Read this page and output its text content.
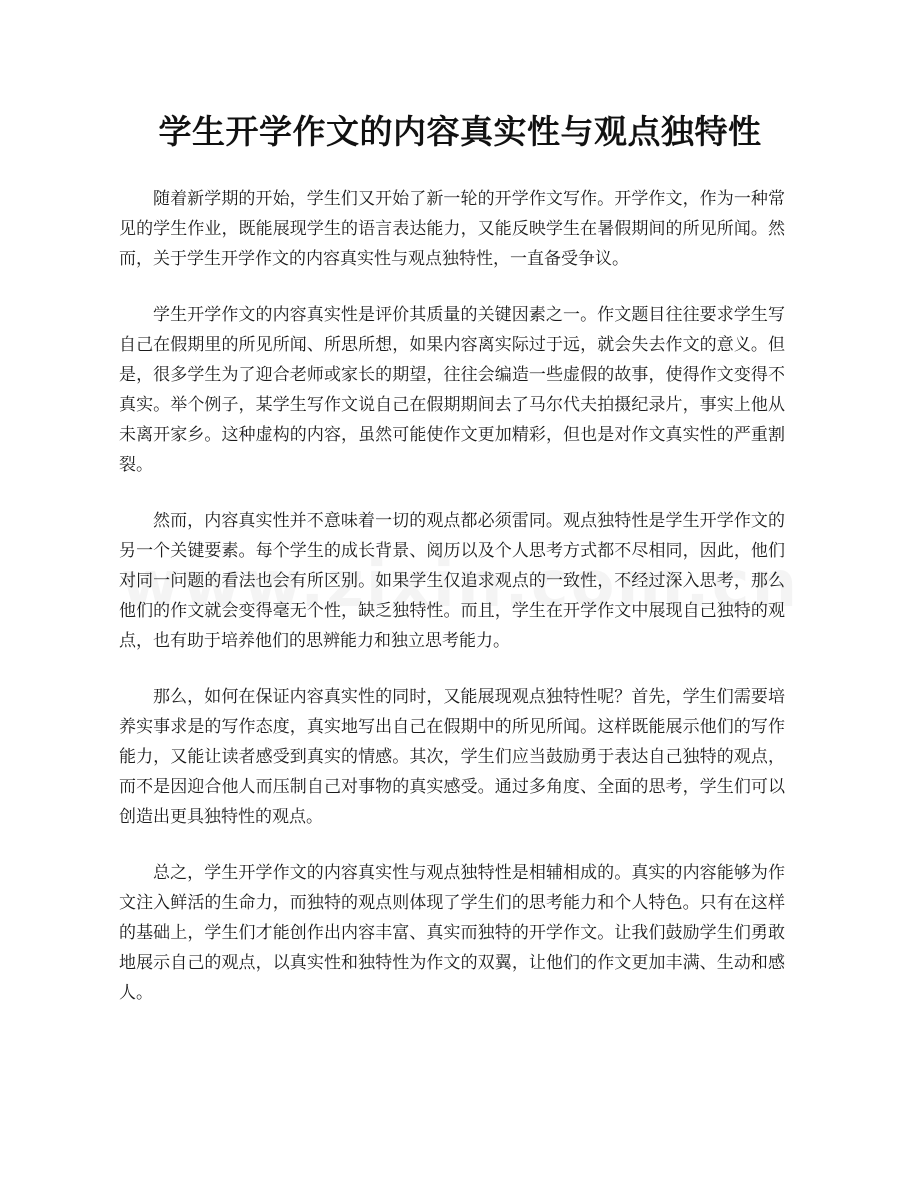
学生开学作文的内容真实性与观点独特性

随着新学期的开始，学生们又开始了新一轮的开学作文写作。开学作文，作为一种常见的学生作业，既能展现学生的语言表达能力，又能反映学生在暑假期间的所见所闻。然而，关于学生开学作文的内容真实性与观点独特性，一直备受争议。

学生开学作文的内容真实性是评价其质量的关键因素之一。作文题目往往要求学生写自己在假期里的所见所闻、所思所想，如果内容离实际过于远，就会失去作文的意义。但是，很多学生为了迎合老师或家长的期望，往往会编造一些虚假的故事，使得作文变得不真实。举个例子，某学生写作文说自己在假期期间去了马尔代夫拍摄纪录片，事实上他从未离开家乡。这种虚构的内容，虽然可能使作文更加精彩，但也是对作文真实性的严重割裂。

然而，内容真实性并不意味着一切的观点都必须雷同。观点独特性是学生开学作文的另一个关键要素。每个学生的成长背景、阅历以及个人思考方式都不尽相同，因此，他们对同一问题的看法也会有所区别。如果学生仅追求观点的一致性，不经过深入思考，那么他们的作文就会变得毫无个性，缺乏独特性。而且，学生在开学作文中展现自己独特的观点，也有助于培养他们的思辨能力和独立思考能力。

那么，如何在保证内容真实性的同时，又能展现观点独特性呢？首先，学生们需要培养实事求是的写作态度，真实地写出自己在假期中的所见所闻。这样既能展示他们的写作能力，又能让读者感受到真实的情感。其次，学生们应当鼓励勇于表达自己独特的观点，而不是因迎合他人而压制自己对事物的真实感受。通过多角度、全面的思考，学生们可以创造出更具独特性的观点。

总之，学生开学作文的内容真实性与观点独特性是相辅相成的。真实的内容能够为作文注入鲜活的生命力，而独特的观点则体现了学生们的思考能力和个人特色。只有在这样的基础上，学生们才能创作出内容丰富、真实而独特的开学作文。让我们鼓励学生们勇敢地展示自己的观点，以真实性和独特性为作文的双翼，让他们的作文更加丰满、生动和感人。
